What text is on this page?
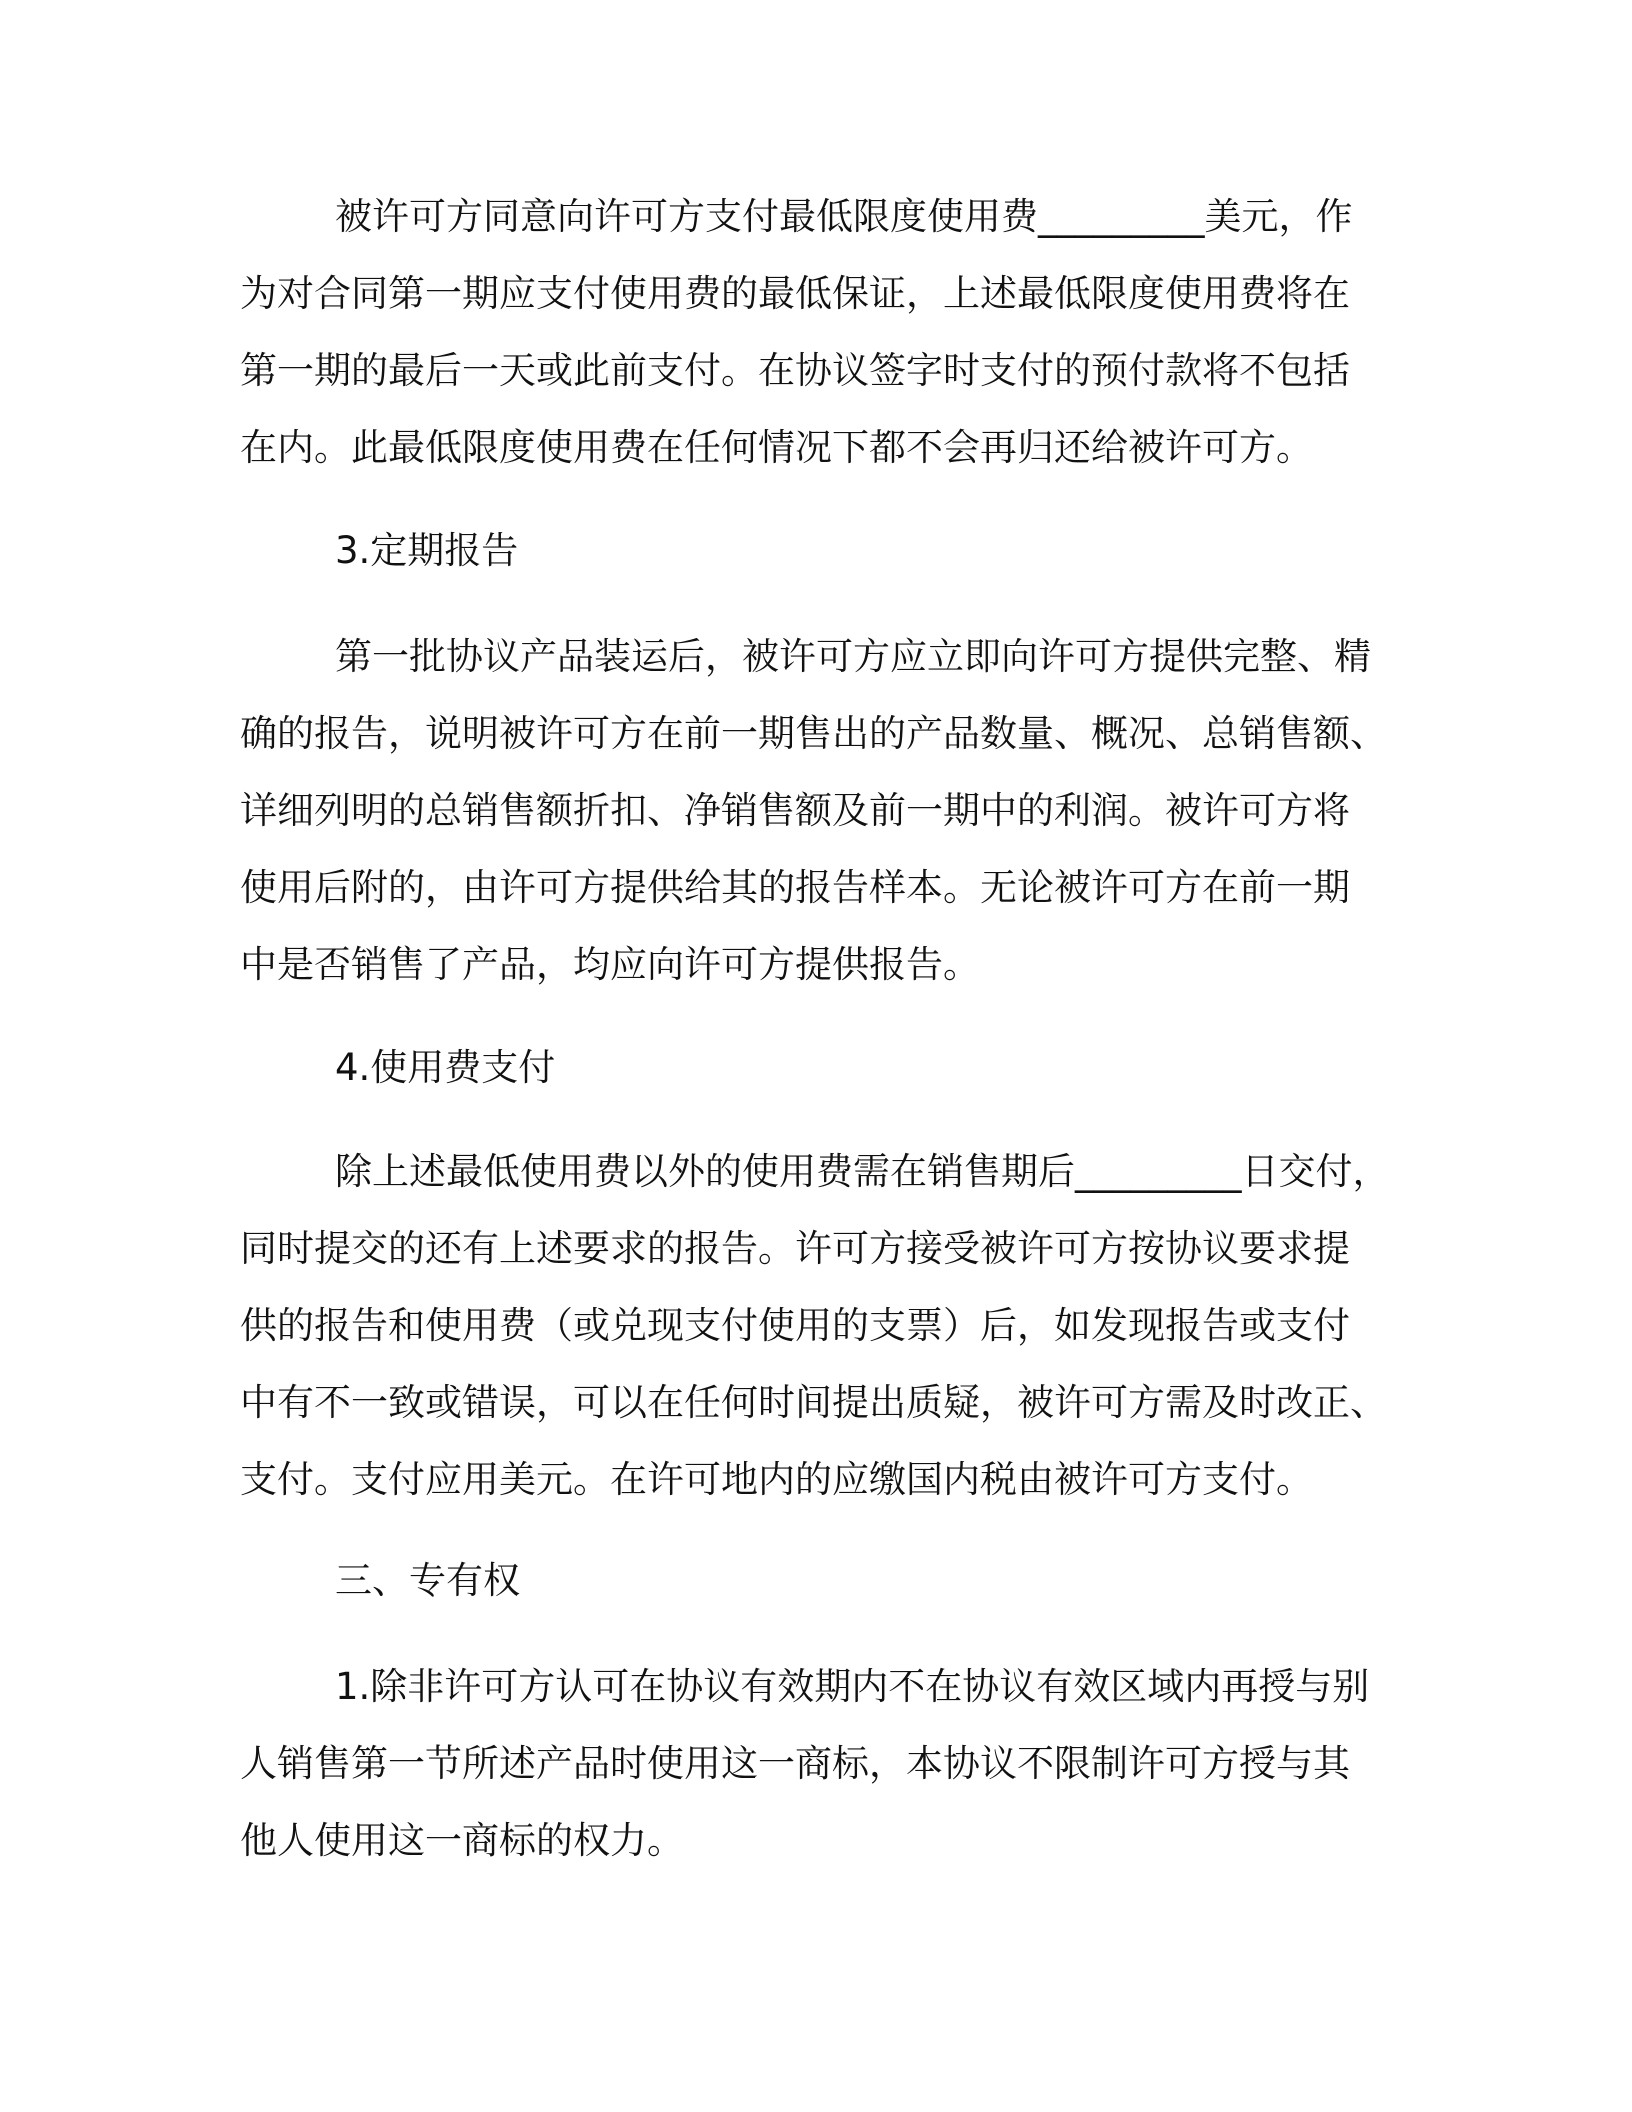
被许可方同意向许可方支付最低限度使用费_________美元，作
为对合同第一期应支付使用费的最低保证，上述最低限度使用费将在
第一期的最后一天或此前支付。在协议签字时支付的预付款将不包括
在内。此最低限度使用费在任何情况下都不会再归还给被许可方。
3.定期报告
第一批协议产品装运后，被许可方应立即向许可方提供完整、精
确的报告，说明被许可方在前一期售出的产品数量、概况、总销售额、
详细列明的总销售额折扣、净销售额及前一期中的利润。被许可方将
使用后附的，由许可方提供给其的报告样本。无论被许可方在前一期
中是否销售了产品，均应向许可方提供报告。
4.使用费支付
除上述最低使用费以外的使用费需在销售期后_________日交付，
同时提交的还有上述要求的报告。许可方接受被许可方按协议要求提
供的报告和使用费（或兑现支付使用的支票）后，如发现报告或支付
中有不一致或错误，可以在任何时间提出质疑，被许可方需及时改正、
支付。支付应用美元。在许可地内的应缴国内税由被许可方支付。
三、专有权
1.除非许可方认可在协议有效期内不在协议有效区域内再授与别
人销售第一节所述产品时使用这一商标，本协议不限制许可方授与其
他人使用这一商标的权力。
